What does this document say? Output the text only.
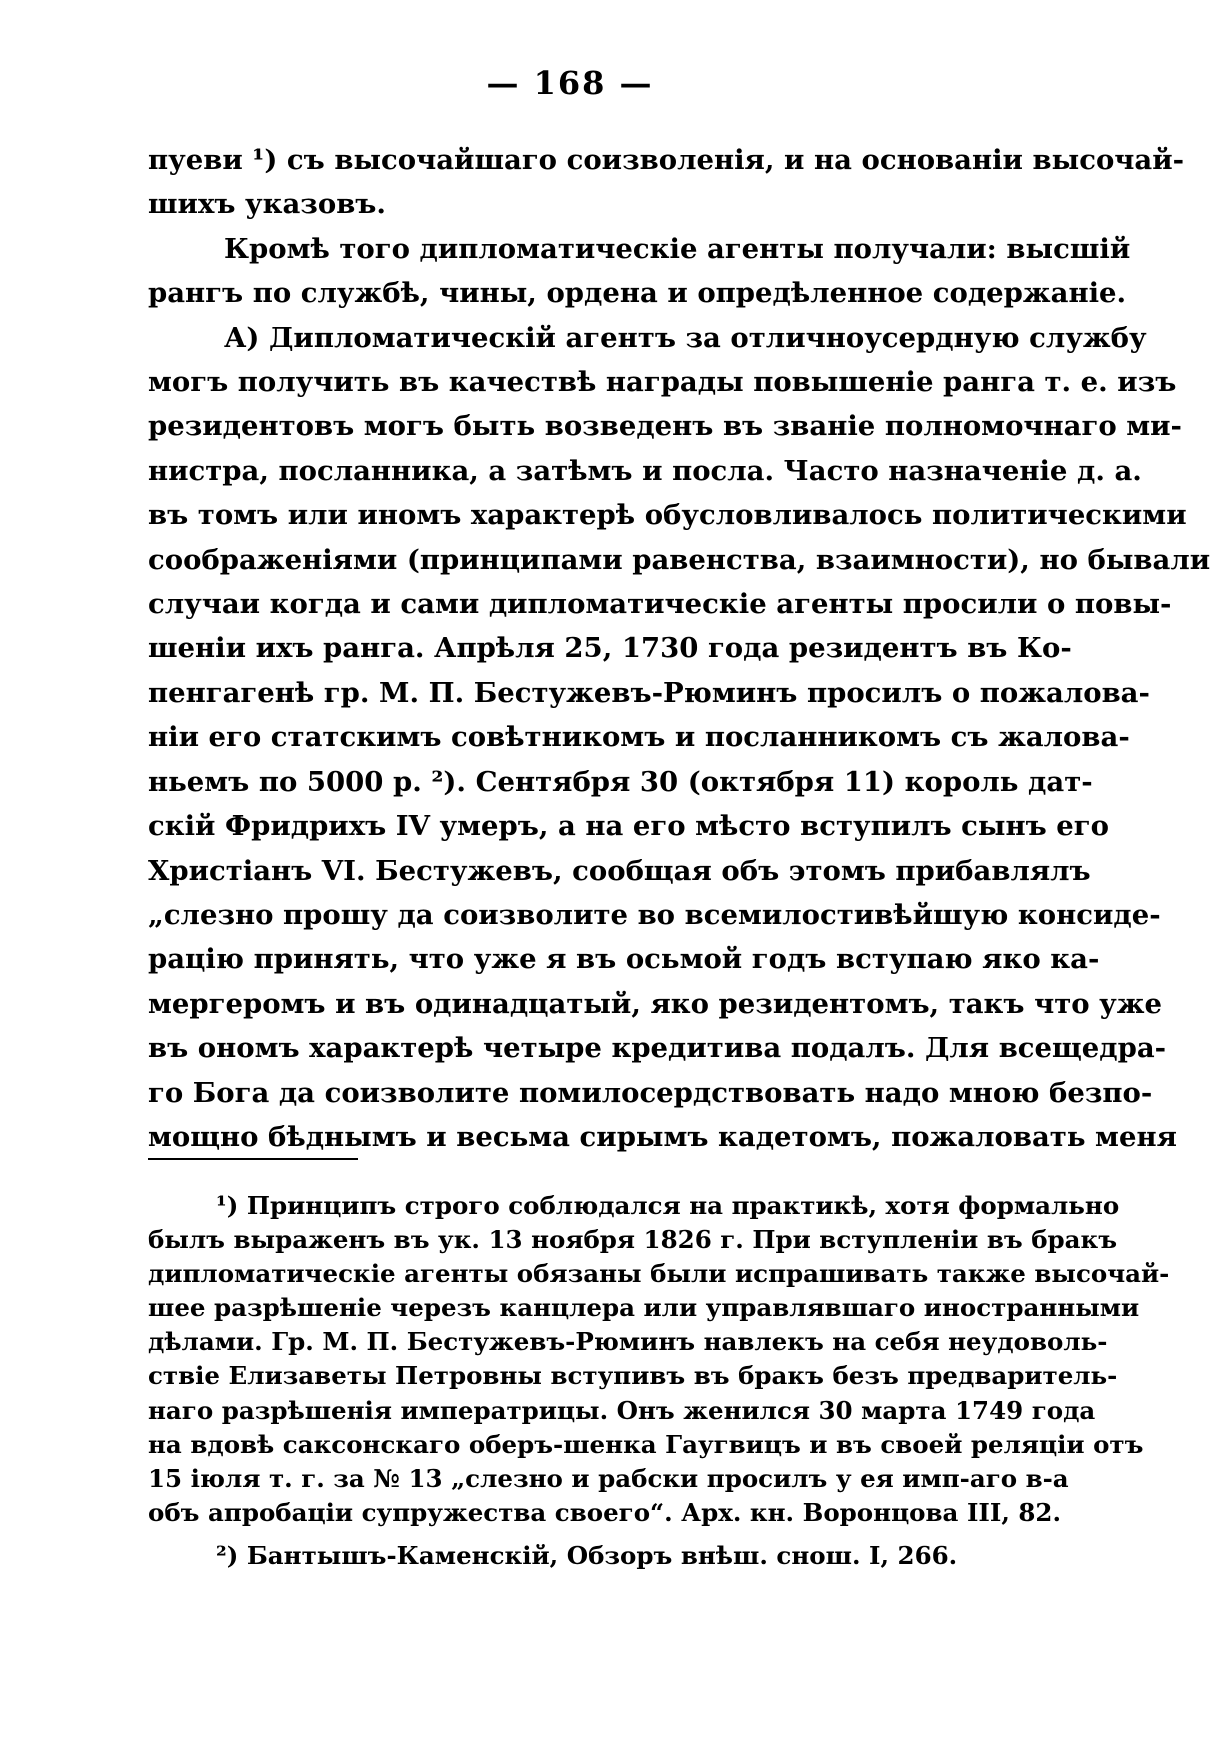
— 168 —
пуеви ¹) съ высочайшаго соизволенія, и на основаніи высочай-
шихъ указовъ.
Кромѣ того дипломатическіе агенты получали: высшій
рангъ по службѣ, чины, ордена и опредѣленное содержаніе.
А) Дипломатическій агентъ за отличноусердную службу
могъ получить въ качествѣ награды повышеніе ранга т. е. изъ
резидентовъ могъ быть возведенъ въ званіе полномочнаго ми-
нистра, посланника, а затѣмъ и посла. Часто назначеніе д. а.
въ томъ или иномъ характерѣ обусловливалось политическими
соображеніями (принципами равенства, взаимности), но бывали
случаи когда и сами дипломатическіе агенты просили о повы-
шеніи ихъ ранга. Апрѣля 25, 1730 года резидентъ въ Ко-
пенгагенѣ гр. М. П. Бестужевъ-Рюминъ просилъ о пожалова-
ніи его статскимъ совѣтникомъ и посланникомъ съ жалова-
ньемъ по 5000 р. ²). Сентября 30 (октября 11) король дат-
скій Фридрихъ IV умеръ, а на его мѣсто вступилъ сынъ его
Христіанъ VI. Бестужевъ, сообщая объ этомъ прибавлялъ
„слезно прошу да соизволите во всемилостивѣйшую консиде-
рацію принять, что уже я въ осьмой годъ вступаю яко ка-
мергеромъ и въ одинадцатый, яко резидентомъ, такъ что уже
въ ономъ характерѣ четыре кредитива подалъ. Для всещедра-
го Бога да соизволите помилосердствовать надо мною безпо-
мощно бѣднымъ и весьма сирымъ кадетомъ, пожаловать меня
¹) Принципъ строго соблюдался на практикѣ, хотя формально
былъ выраженъ въ ук. 13 ноября 1826 г. При вступленіи въ бракъ
дипломатическіе агенты обязаны были испрашивать также высочай-
шее разрѣшеніе черезъ канцлера или управлявшаго иностранными
дѣлами. Гр. М. П. Бестужевъ-Рюминъ навлекъ на себя неудоволь-
ствіе Елизаветы Петровны вступивъ въ бракъ безъ предваритель-
наго разрѣшенія императрицы. Онъ женился 30 марта 1749 года
на вдовѣ саксонскаго оберъ-шенка Гаугвицъ и въ своей реляціи отъ
15 іюля т. г. за № 13 „слезно и рабски просилъ у ея имп-аго в-а
объ апробаціи супружества своего“. Арх. кн. Воронцова III, 82.
²) Бантышъ-Каменскій, Обзоръ внѣш. снош. I, 266.
